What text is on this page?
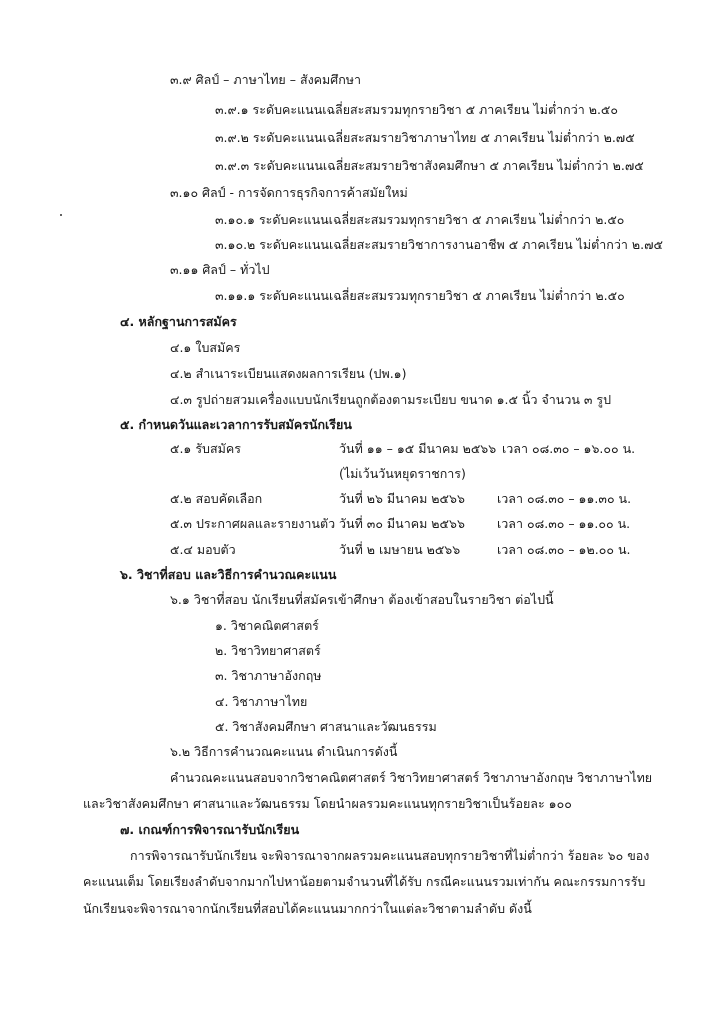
๓.๙ ศิลป์ – ภาษาไทย – สังคมศึกษา
๓.๙.๑ ระดับคะแนนเฉลี่ยสะสมรวมทุกรายวิชา ๕ ภาคเรียน ไม่ต่ำกว่า ๒.๕๐
๓.๙.๒ ระดับคะแนนเฉลี่ยสะสมรายวิชาภาษาไทย ๕ ภาคเรียน ไม่ต่ำกว่า ๒.๗๕
๓.๙.๓ ระดับคะแนนเฉลี่ยสะสมรายวิชาสังคมศึกษา ๕ ภาคเรียน ไม่ต่ำกว่า ๒.๗๕
๓.๑๐ ศิลป์ - การจัดการธุรกิจการค้าสมัยใหม่
๓.๑๐.๑ ระดับคะแนนเฉลี่ยสะสมรวมทุกรายวิชา ๕ ภาคเรียน ไม่ต่ำกว่า ๒.๕๐
๓.๑๐.๒ ระดับคะแนนเฉลี่ยสะสมรายวิชาการงานอาชีพ ๕ ภาคเรียน ไม่ต่ำกว่า ๒.๗๕
๓.๑๑ ศิลป์ – ทั่วไป
๓.๑๑.๑ ระดับคะแนนเฉลี่ยสะสมรวมทุกรายวิชา ๕ ภาคเรียน ไม่ต่ำกว่า ๒.๕๐
๔. หลักฐานการสมัคร
๔.๑ ใบสมัคร
๔.๒ สำเนาระเบียนแสดงผลการเรียน (ปพ.๑)
๔.๓ รูปถ่ายสวมเครื่องแบบนักเรียนถูกต้องตามระเบียบ ขนาด ๑.๕ นิ้ว จำนวน ๓ รูป
๕. กำหนดวันและเวลาการรับสมัครนักเรียน
๕.๑ รับสมัคร	วันที่ ๑๑ – ๑๕ มีนาคม ๒๕๖๖ เวลา ๐๘.๓๐ – ๑๖.๐๐ น.
(ไม่เว้นวันหยุดราชการ)
๕.๒ สอบคัดเลือก	วันที่ ๒๖ มีนาคม ๒๕๖๖	เวลา ๐๘.๓๐ – ๑๑.๓๐ น.
๕.๓ ประกาศผลและรายงานตัว วันที่ ๓๐ มีนาคม ๒๕๖๖	เวลา ๐๘.๓๐ – ๑๑.๐๐ น.
๕.๔ มอบตัว	วันที่ ๒ เมษายน ๒๕๖๖	เวลา ๐๘.๓๐ – ๑๒.๐๐ น.
๖. วิชาที่สอบ และวิธีการคำนวณคะแนน
๖.๑ วิชาที่สอบ นักเรียนที่สมัครเข้าศึกษา ต้องเข้าสอบในรายวิชา ต่อไปนี้
๑. วิชาคณิตศาสตร์
๒. วิชาวิทยาศาสตร์
๓. วิชาภาษาอังกฤษ
๔. วิชาภาษาไทย
๕. วิชาสังคมศึกษา ศาสนาและวัฒนธรรม
๖.๒ วิธีการคำนวณคะแนน ดำเนินการดังนี้
คำนวณคะแนนสอบจากวิชาคณิตศาสตร์ วิชาวิทยาศาสตร์ วิชาภาษาอังกฤษ วิชาภาษาไทย
และวิชาสังคมศึกษา ศาสนาและวัฒนธรรม โดยนำผลรวมคะแนนทุกรายวิชาเป็นร้อยละ ๑๐๐
๗. เกณฑ์การพิจารณารับนักเรียน
การพิจารณารับนักเรียน จะพิจารณาจากผลรวมคะแนนสอบทุกรายวิชาที่ไม่ต่ำกว่า ร้อยละ ๖๐ ของ
คะแนนเต็ม โดยเรียงลำดับจากมากไปหาน้อยตามจำนวนที่ได้รับ กรณีคะแนนรวมเท่ากัน คณะกรรมการรับ
นักเรียนจะพิจารณาจากนักเรียนที่สอบได้คะแนนมากกว่าในแต่ละวิชาตามลำดับ ดังนี้
